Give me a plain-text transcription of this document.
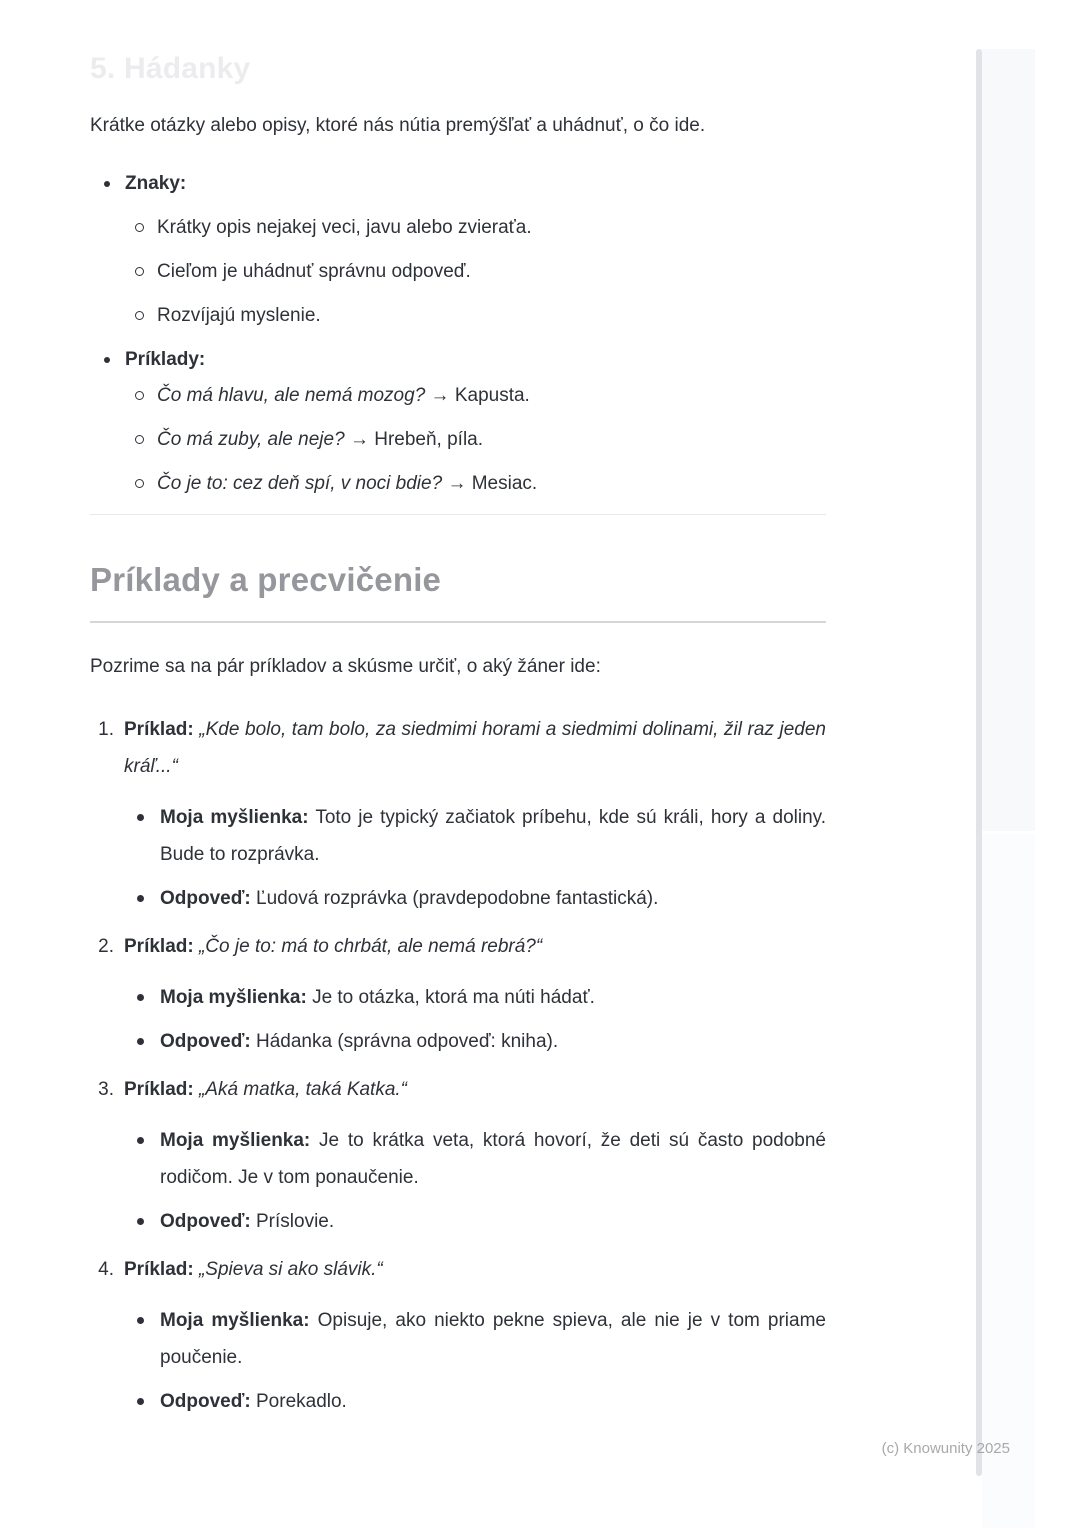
5. Hádanky

Krátke otázky alebo opisy, ktoré nás nútia premýšľať a uhádnuť, o čo ide.

Znaky:
Krátky opis nejakej veci, javu alebo zvieraťa.
Cieľom je uhádnuť správnu odpoveď.
Rozvíjajú myslenie.
Príklady:
Čo má hlavu, ale nemá mozog? → Kapusta.
Čo má zuby, ale neje? → Hrebeň, píla.
Čo je to: cez deň spí, v noci bdie? → Mesiac.
Príklady a precvičenie

Pozrime sa na pár príkladov a skúsme určiť, o aký žáner ide:

1. Príklad: „Kde bolo, tam bolo, za siedmimi horami a siedmimi dolinami, žil raz jeden kráľ...“
Moja myšlienka: Toto je typický začiatok príbehu, kde sú králi, hory a doliny. Bude to rozprávka.
Odpoveď: Ľudová rozprávka (pravdepodobne fantastická).
2. Príklad: „Čo je to: má to chrbát, ale nemá rebrá?“
Moja myšlienka: Je to otázka, ktorá ma núti hádať.
Odpoveď: Hádanka (správna odpoveď: kniha).
3. Príklad: „Aká matka, taká Katka.“
Moja myšlienka: Je to krátka veta, ktorá hovorí, že deti sú často podobné rodičom. Je v tom ponaučenie.
Odpoveď: Príslovie.
4. Príklad: „Spieva si ako slávik.“
Moja myšlienka: Opisuje, ako niekto pekne spieva, ale nie je v tom priame poučenie.
Odpoveď: Porekadlo.
(c) Knowunity 2025
